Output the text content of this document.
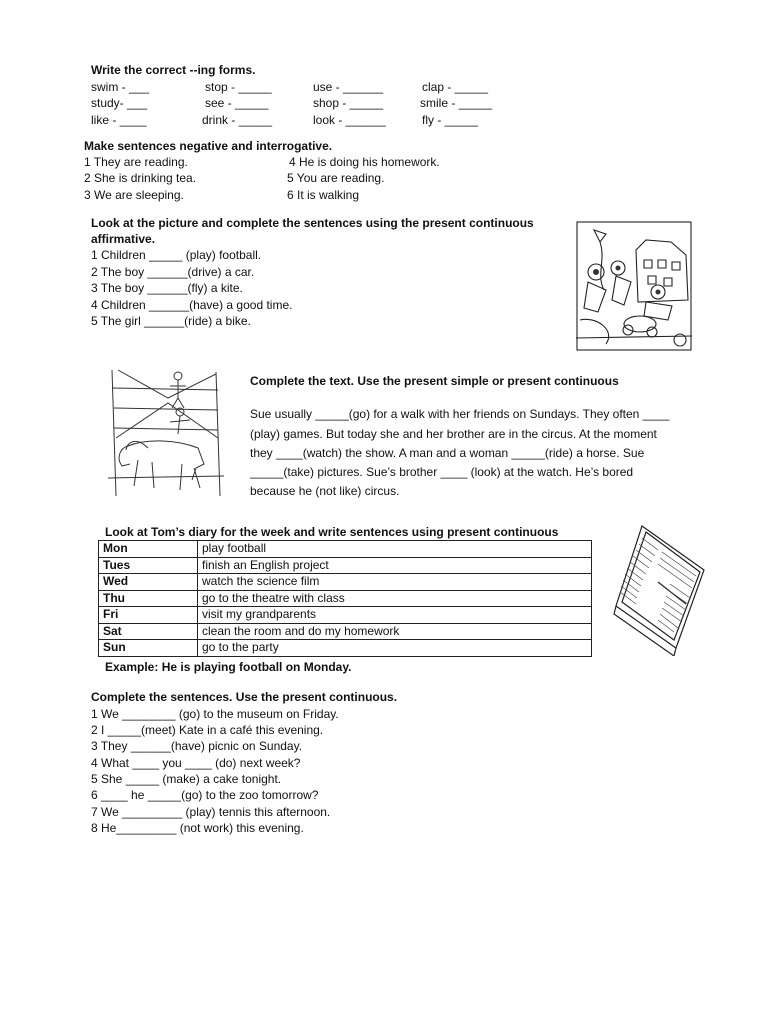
Write the correct --ing forms.
swim - ___	stop - _____	use - ______	clap - _____
study- ___	see - _____	shop - _____	smile - _____
like - ____	drink - _____	look - ______	fly - _____
Make sentences negative and interrogative.
1 They are reading.
2 She is drinking tea.
3 We are sleeping.
4 He is doing his homework.
5 You are reading.
6 It is walking
Look at the picture and complete the sentences using the present continuous
affirmative.
1 Children _____ (play) football.
2 The boy ______(drive) a car.
3 The boy ______(fly) a kite.
4 Children ______(have) a good time.
5 The girl ______(ride) a bike.
Complete the text. Use the present simple or present continuous
Sue usually _____(go) for a walk with her friends on Sundays. They often ____
(play) games. But today she and her brother are in the circus. At the moment
they ____(watch) the show. A man and a woman _____(ride) a horse. Sue
_____(take) pictures. Sue’s brother ____ (look) at the watch. He’s bored
because he (not like) circus.
Look at Tom’s diary for the week and write sentences using present continuous
Mon	play football
Tues	finish an English project
Wed	watch the science film
Thu	go to the theatre with class
Fri	visit my grandparents
Sat	clean the room and do my homework
Sun	go to the party
Example: He is playing football on Monday.
Complete the sentences. Use the present continuous.
1 We ________ (go) to the museum on Friday.
2 I _____(meet) Kate in a café this evening.
3 They ______(have) picnic on Sunday.
4 What ____ you ____ (do) next week?
5 She _____ (make) a cake tonight.
6 ____ he _____(go) to the zoo tomorrow?
7 We _________ (play) tennis this afternoon.
8 He_________ (not work) this evening.
